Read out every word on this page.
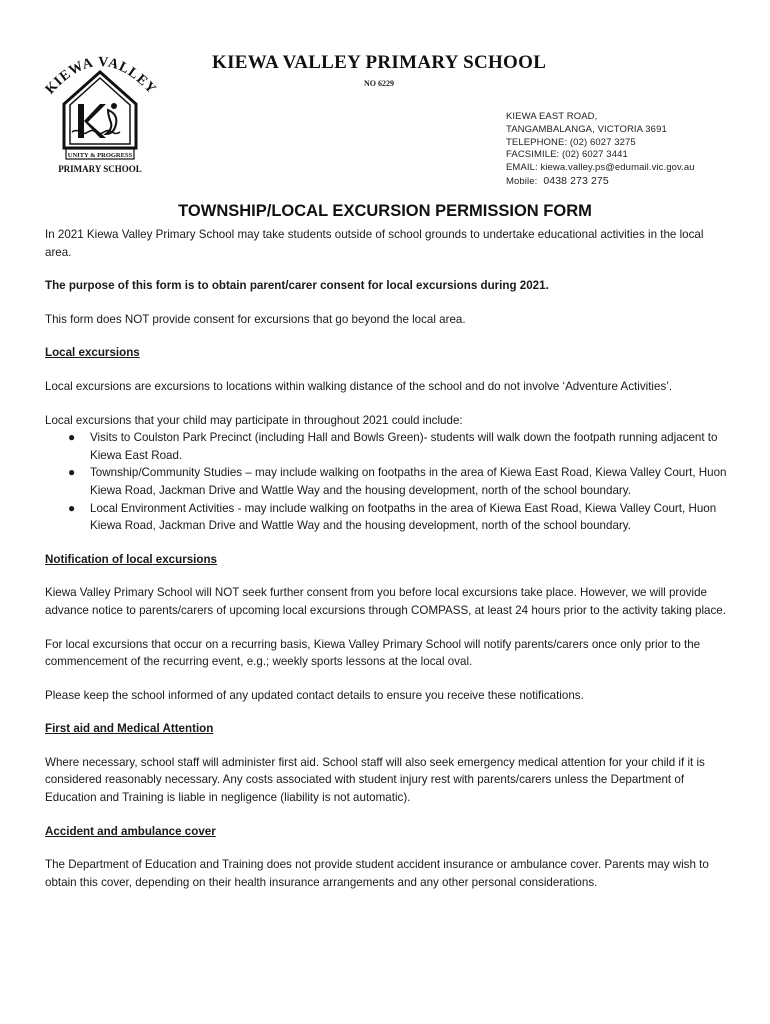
KIEWA VALLEY
UNITY & PROGRESS
PRIMARY SCHOOL
KIEWA VALLEY PRIMARY SCHOOL
NO 6229
KIEWA EAST ROAD,
TANGAMBALANGA, VICTORIA 3691
TELEPHONE: (02) 6027 3275
FACSIMILE: (02) 6027 3441
EMAIL: kiewa.valley.ps@edumail.vic.gov.au
Mobile: 0438 273 275
TOWNSHIP/LOCAL EXCURSION PERMISSION FORM

In 2021 Kiewa Valley Primary School may take students outside of school grounds to undertake educational activities in the local area.

The purpose of this form is to obtain parent/carer consent for local excursions during 2021.

This form does NOT provide consent for excursions that go beyond the local area.

Local excursions

Local excursions are excursions to locations within walking distance of the school and do not involve ‘Adventure Activities’.

Local excursions that your child may participate in throughout 2021 could include:

● Visits to Coulston Park Precinct (including Hall and Bowls Green)- students will walk down the footpath running adjacent to Kiewa East Road.
● Township/Community Studies – may include walking on footpaths in the area of Kiewa East Road, Kiewa Valley Court, Huon Kiewa Road, Jackman Drive and Wattle Way and the housing development, north of the school boundary.
● Local Environment Activities - may include walking on footpaths in the area of Kiewa East Road, Kiewa Valley Court, Huon Kiewa Road, Jackman Drive and Wattle Way and the housing development, north of the school boundary.

Notification of local excursions

Kiewa Valley Primary School will NOT seek further consent from you before local excursions take place. However, we will provide advance notice to parents/carers of upcoming local excursions through COMPASS, at least 24 hours prior to the activity taking place.

For local excursions that occur on a recurring basis, Kiewa Valley Primary School will notify parents/carers once only prior to the commencement of the recurring event, e.g.; weekly sports lessons at the local oval.

Please keep the school informed of any updated contact details to ensure you receive these notifications.

First aid and Medical Attention

Where necessary, school staff will administer first aid. School staff will also seek emergency medical attention for your child if it is considered reasonably necessary. Any costs associated with student injury rest with parents/carers unless the Department of Education and Training is liable in negligence (liability is not automatic).

Accident and ambulance cover

The Department of Education and Training does not provide student accident insurance or ambulance cover. Parents may wish to obtain this cover, depending on their health insurance arrangements and any other personal considerations.
